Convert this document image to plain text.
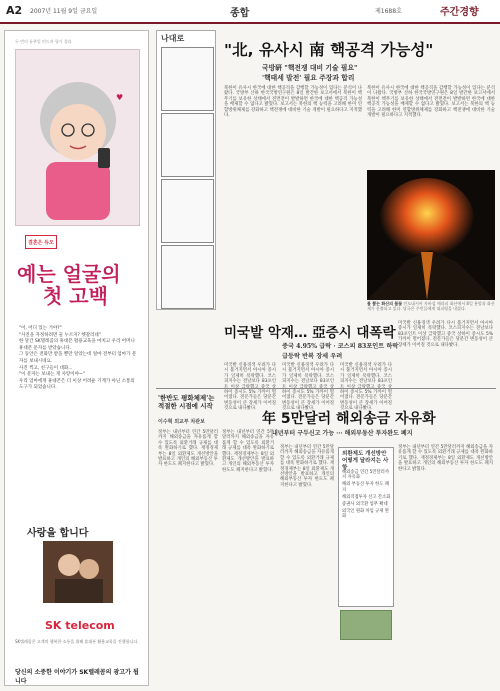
A2 2007년 11월 9일 금요일	종합	제1688호	주간경향
두 번의 뮤추얼 펀드의 평가 결과
♥
결혼은 듀오
예는 얼굴의
첫 고백

"어, 어디 있는 거야?"

"사진을 자정하려면 둘 누르지? 헷갈리네"

한 달간 SK텔레콤의 휴대폰 활용교육을 마치고 우리 어머니 휴대폰 문자를 받았습니다.

그 동안은 전화만 받을 뿐만 알았는데 얼마 전부터 엄마가 문자를 보내시네요.

사진 찍고, 친구들이 대화...

"이 문자는 보내는 게 사랑이야~"

우리 엄마에게 휴대폰은 더 이상 어려운 기계가 아닌 소통의 도구가 되었습니다.

사랑을 합니다
SK telecom
SK텔레콤은 고객의 행복한 소통을 위해 휴대폰 활용교육을 진행합니다.
당신의 소중한 이야기가 SK텔레콤의 광고가 됩니다
나대로
"北, 유사시 南 핵공격 가능성"
국방硏 "핵전쟁 대비 기술 필요"
'핵태세 발전' 필요 주장과 합리
북한이 유사시 한국에 대한 핵공격을 감행할 가능성이 있다는 분석이 나왔다. 국방부 산하 한국국방연구원은 8일 발간한 보고서에서 북한이 핵무기를 보유한 상태에서 전면전이 발발하면 한국에 대한 핵공격 가능성을 배제할 수 없다고 밝혔다. 보고서는 북한의 핵 능력을 고려해 한미 연합방위체제를 강화하고 핵전쟁에 대비한 기술 개발이 필요하다고 지적했다.
북한이 유사시 한국에 대한 핵공격을 감행할 가능성이 있다는 분석이 나왔다. 국방부 산하 한국국방연구원은 8일 발간한 보고서에서 북한이 핵무기를 보유한 상태에서 전면전이 발발하면 한국에 대한 핵공격 가능성을 배제할 수 없다고 밝혔다. 보고서는 북한의 핵 능력을 고려해 한미 연합방위체제를 강화하고 핵전쟁에 대비한 기술 개발이 필요하다고 지적했다.
불 뿜는 화산의 불꽃 인도네시아 자바섬 메라피 화산에서 8일 용암과 화산재가 분출되고 있다. 당국은 주민들에게 대피령을 내렸다.
미국발 악재… 亞증시 대폭락
중국 4.95% 급락 · 코스피 83포인트 하락
급등락 반복 장세 우려
미국발 신용경색 우려가 다시 불거지면서 아시아 증시가 일제히 폭락했다. 코스피지수는 전날보다 83포인 하이 증시도 5% 가까이 떨어졌다. 전문가들은 당분간 변동성이 큰 장세가 이어질 것으로 내다봤다.
미국발 신용경색 우려가 다시 불거지면서 아시아 증시가 일제히 폭락했다. 코스피지수는 전날보다 83포인 하이 증시도 5% 가까이 떨어졌다. 전문가들은 당분간 변동성이 큰 장세가 이어질 것으로 내다봤다.
미국발 신용경색 우려가 다시 불거지면서 아시아 증시가 일제히 폭락했다. 코스피지수는 전날보다 83포인 하이 증시도 5% 가까이 떨어졌다. 전문가들은 당분간 변동성이 큰 장세가 이어질 것으로 내다봤다.
미국발 신용경색 우려가 다시 불거지면서 아시아 증시가 일제히 폭락했다. 코스피지수는 전날보다 83포인트 이상 급락했고 중국 상하이 증시도 5% 가까이 떨어졌다. 전문가들은 당분간 변동성이 큰 장세가 이어질 것으로 내다봤다.
'한반도 평화체제'는 적절한 시점에 시작
이수혁 외교부 차관보
정부는 내년부터 연간 5만달러까지 해외송금을 자유롭게 할 수 있도록 외환거래 규제를 대폭 완화하기로 했다. 재정경제부는 8일 외환제도 개선방안을 발표하고 개인의 해외부동산 투자 한도도 폐지한다고 밝혔다.
정부는 내년부터 연간 5만달러까지 해외송금을 자유롭게 할 수 있도록 외환거래 규제를 대폭 완화하기로 했다. 재정경제부는 8일 외환제도 개선방안을 발표하고 개인의 해외부동산 투자 한도도 폐지한다고 밝혔다.
年 5만달러 해외송금 자유화
내년부터 구두신고 가능 ··· 해외부동산 투자완도 폐지
정부는 내년부터 연간 5만달러까지 해외송금을 자유롭게 할 수 있도록 외환거래 규제를 대폭 완화하기로 했다. 재정경제부는 8일 외환제도 개선방안을 발표하고 개인의 해외부동산 투자 한도도 폐지한다고 밝혔다.
외환제도 개선방안 어떻게 달라지는 사항
해외송금 연간 5만달러까지 자유화
해외 부동산 투자 한도 폐지
해외직접투자 신고 간소화
증권사 외국환 업무 확대
외국인 원화 차입 규제 완화
정부는 내년부터 연간 5만달러까지 해외송금을 자유롭게 할 수 있도록 외환거래 규제를 대폭 완화하기로 했다. 재정경제부는 8일 외환제도 개선방안을 발표하고 개인의 해외부동산 투자 한도도 폐지한다고 밝혔다.
